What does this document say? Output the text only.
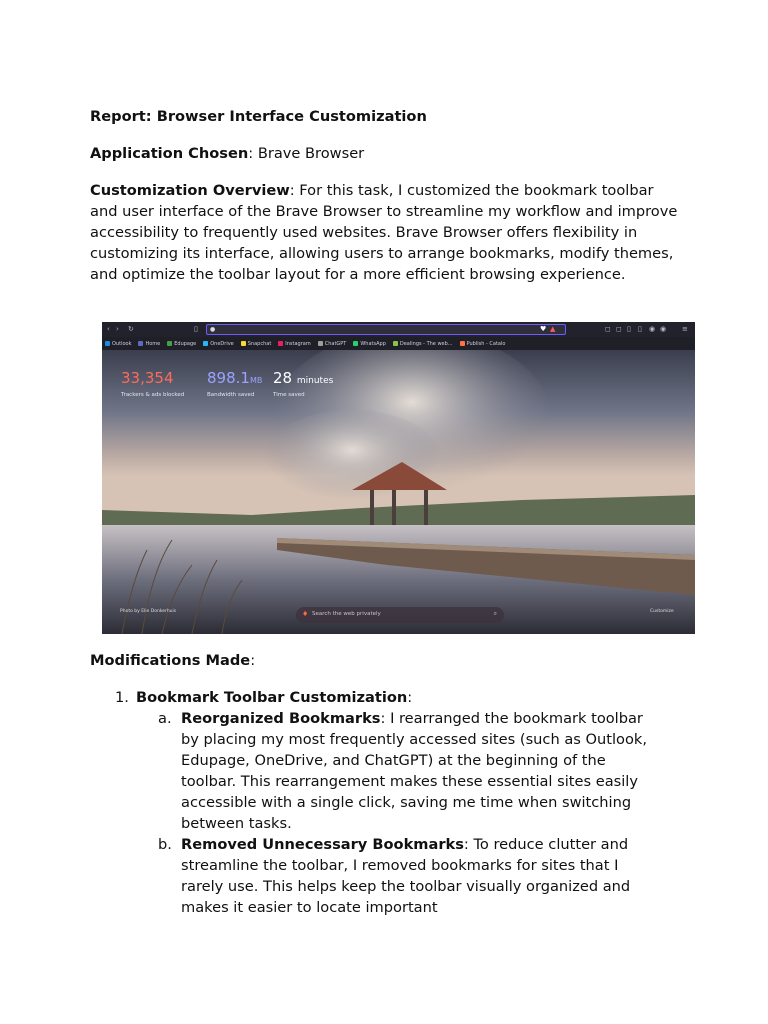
Report: Browser Interface Customization

Application Chosen: Brave Browser

Customization Overview: For this task, I customized the bookmark toolbar and user interface of the Brave Browser to streamline my workflow and improve accessibility to frequently used websites. Brave Browser offers flexibility in customizing its interface, allowing users to arrange bookmarks, modify themes, and optimize the toolbar layout for a more efficient browsing experience.

‹ › ↻	▯ ●	♥ ▲	◻ ◻ ▯ ▯ ◉ ◉ ≡
Outlook	Home	Edupage	OneDrive	Snapchat	Instagram	ChatGPT	WhatsApp	Dealings - The web...	Publish - Catalo
33,354
Trackers & ads blocked
898.1MB
Bandwidth saved
28 minutes
Time saved
Photo by Elie Donkerhuis	Customize
♦ Search the web privately	⌕

Modifications Made:

1. Bookmark Toolbar Customization:

a. Reorganized Bookmarks: I rearranged the bookmark toolbar

by placing my most frequently accessed sites (such as Outlook,

Edupage, OneDrive, and ChatGPT) at the beginning of the

toolbar. This rearrangement makes these essential sites easily

accessible with a single click, saving me time when switching

between tasks.

b. Removed Unnecessary Bookmarks: To reduce clutter and

streamline the toolbar, I removed bookmarks for sites that I

rarely use. This helps keep the toolbar visually organized and

makes it easier to locate important
